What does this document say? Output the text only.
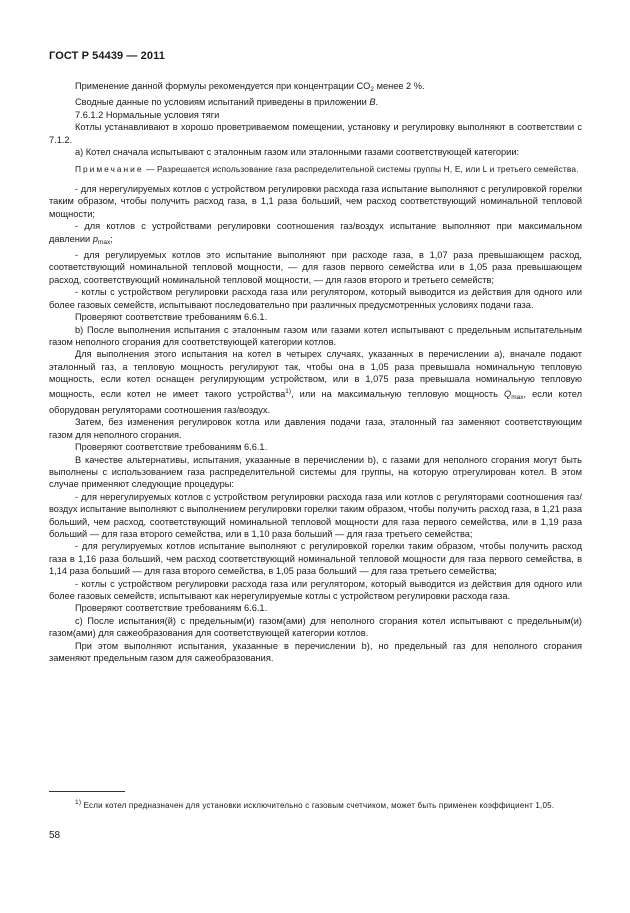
ГОСТ Р 54439 — 2011

Применение данной формулы рекомендуется при концентрации $CO_2$ менее 2 %.

Сводные данные по условиям испытаний приведены в приложении В.

7.6.1.2 Нормальные условия тяги

Котлы устанавливают в хорошо проветриваемом помещении, установку и регулировку выполняют в соответствии с 7.1.2.

а) Котел сначала испытывают с эталонным газом или эталонными газами соответствующей категории:

Примечание — Разрешается использование газа распределительной системы группы Н, Е, или L и третьего семейства.

- для нерегулируемых котлов с устройством регулировки расхода газа испытание выполняют с регулировкой горелки таким образом, чтобы получить расход газа, в 1,1 раза больший, чем расход соответствующий номинальной тепловой мощности;

- для котлов с устройствами регулировки соотношения газ/воздух испытание выполняют при максимальном давлении $p_{max}$;

- для регулируемых котлов это испытание выполняют при расходе газа, в 1,07 раза превышающем расход, соответствующий номинальной тепловой мощности, — для газов первого семейства или в 1,05 раза превышающем расход, соответствующий номинальной тепловой мощности, — для газов второго и третьего семейств;

- котлы с устройством регулировки расхода газа или регулятором, который выводится из действия для одного или более газовых семейств, испытывают последовательно при различных предусмотренных условиях подачи газа.

Проверяют соответствие требованиям 6.6.1.

b) После выполнения испытания с эталонным газом или газами котел испытывают с предельным испытательным газом неполного сгорания для соответствующей категории котлов.

Для выполнения этого испытания на котел в четырех случаях, указанных в перечислении а), вначале подают эталонный газ, а тепловую мощность регулируют так, чтобы она в 1,05 раза превышала номинальную тепловую мощность, если котел оснащен регулирующим устройством, или в 1,075 раза превышала номинальную тепловую мощность, если котел не имеет такого устройства$^{1)}$, или на максимальную тепловую мощность $Q_{max}$, если котел оборудован регуляторами соотношения газ/воздух.

Затем, без изменения регулировок котла или давления подачи газа, эталонный газ заменяют соответствующим газом для неполного сгорания.

Проверяют соответствие требованиям 6.6.1.

В качестве альтернативы, испытания, указанные в перечислении b), с газами для неполного сгорания могут быть выполнены с использованием газа распределительной системы для группы, на которую отрегулирован котел. В этом случае применяют следующие процедуры:

- для нерегулируемых котлов с устройством регулировки расхода газа или котлов с регуляторами соотношения газ/воздух испытание выполняют с выполнением регулировки горелки таким образом, чтобы получить расход газа, в 1,21 раза больший, чем расход, соответствующий номинальной тепловой мощности для газа первого семейства, или в 1,19 раза больший — для газа второго семейства, или в 1,10 раза больший — для газа третьего семейства;

- для регулируемых котлов испытание выполняют с регулировкой горелки таким образом, чтобы получить расход газа в 1,16 раза больший, чем расход соответствующий номинальной тепловой мощности для газа первого семейства, в 1,14 раза больший — для газа второго семейства, в 1,05 раза больший — для газа третьего семейства;

- котлы с устройством регулировки расхода газа или регулятором, который выводится из действия для одного или более газовых семейств, испытывают как нерегулируемые котлы с устройством регулировки расхода газа.

Проверяют соответствие требованиям 6.6.1.

с) После испытания(й) с предельным(и) газом(ами) для неполного сгорания котел испытывают с предельным(и) газом(ами) для сажеобразования для соответствующей категории котлов.

При этом выполняют испытания, указанные в перечислении b), но предельный газ для неполного сгорания заменяют предельным газом для сажеобразования.

$^{1)}$ Если котел предназначен для установки исключительно с газовым счетчиком, может быть применен коэффициент 1,05.

58
